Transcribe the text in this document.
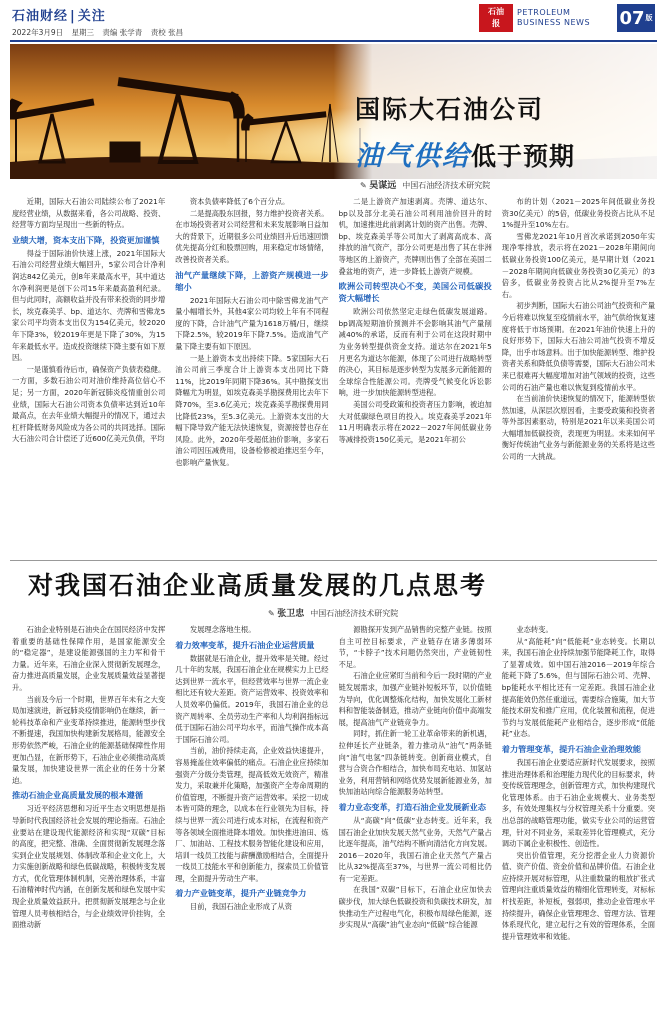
石油财经 | 关注
2022年3月9日 星期三 责编 张学青 责校 张昌
石油
报
PETROLEUM BUSINESS NEWS	07 版
国际大石油公司
油气供给低于预期
✎ 吴谋远 中国石油经济技术研究院

近期，国际大石油公司陆续公布了2021年度经营业绩，从数据来看，各公司战略、投资、经营等方面均呈现出一些新的特点。

业绩大增，资本支出下降，投资更加谨慎

得益于国际油价快速上涨，2021年国际大石油公司经营业绩大幅回升，5家公司合计净利润达842亿美元，创8年来最高水平，其中道达尔净利润更是创下公司15年来最高盈利纪录。但与此同时，高额收益并没有带来投资的同步增长，埃克森美孚、bp、道达尔、壳牌和雪佛龙5家公司平均资本支出仅为154亿美元，较2020年下降3%，较2019年更是下降了30%，为15年来最低水平。造成投资继续下降主要有如下原因。

一是谨慎看待后市，确保资产负债表稳健。一方面，多数石油公司对油价维持高位信心不足；另一方面，2020年新冠肺炎疫情重创公司业绩，国际大石油公司资本负债率达到近10年最高点，在去年业绩大幅提升的情况下，通过去杠杆降低财务风险成为各公司的共同选择。国际大石油公司合计偿还了近600亿美元负债，平均

资本负债率降低了6个百分点。

二是提高股东回报，努力维护投资者关系。在市场投资者对公司经营和未来发展影响日益加大的背景下，近期很多公司业绩回升后迅速回馈优先提高分红和股票回购，用来稳定市场情绪，改善投资者关系。

油气产量继续下降，上游资产规模进一步缩小

2021年国际大石油公司中除雪佛龙油气产量小幅增长外，其他4家公司均较上年有不同程度的下降，合计油气产量为1618万桶/日，继续下降2.5%，较2019年下降7.5%。造成油气产量下降主要有如下原因。

一是上游资本支出持续下降。5家国际大石油公司前三季度合计上游资本支出同比下降11%，比2019年同期下降36%。其中勘探支出降幅尤为明显，如埃克森美孚勘探费用比去年下降70%，至3.6亿美元；埃克森美孚勘探费用同比降低23%，至5.3亿美元。上游资本支出的大幅下降导致产能无法快速恢复，资源接替也存在风险。此外，2020年受超低油价影响，多家石油公司因压减费用，设备检修被迫推迟至今年，也影响产量恢复。

二是上游资产加速剥离。壳牌、道达尔、bp以及部分北美石油公司利用油价回升的时机，加速推进此前剥离计划的资产出售。壳牌、bp、埃克森美孚等公司加大了剥离高成本、高排放的油气资产，部分公司更是出售了其在非洲等地区的上游资产，壳牌则出售了全部在美国二叠盆地的资产，进一步降低上游资产规模。

欧洲公司转型决心不变，美国公司低碳投资大幅增长

欧洲公司依然坚定走绿色低碳发展道路。bp调高短期油价预测并不会影响其油气产量削减40%的承诺，反而有利于公司在这段时期中为业务转型提供资金支持。道达尔在2021年5月更名为道达尔能源，体现了公司进行战略转型的决心，其目标是逐步转型为发展多元新能源的全球综合性能源公司。壳牌受气候变化诉讼影响，进一步加快能源转型进程。

美国公司受政策和投资者压力影响，被迫加大对低碳绿色项目的投入。埃克森美孚2021年11月明确表示将在2022－2027年间低碳业务等减排投资150亿美元，是2021年初公

布的计划（2021－2025年间低碳业务投资30亿美元）的5倍，低碳业务投资占比从不足1%提升至10%左右。

雪佛龙2021年10月首次承诺到2050年实现净零排放，表示将在2021－2028年期间向低碳业务投资100亿美元，是早期计划（2021－2028年期间向低碳业务投资30亿美元）的3倍多，低碳业务投资占比从2%提升至7%左右。

初步判断，国际大石油公司油气投资和产量今后将难以恢复至疫情前水平，油气供给恢复速度将低于市场预期。在2021年油价快速上升的良好形势下，国际大石油公司油气投资不增反降，出乎市场意料。出于加快能源转型、维护投资者关系和降低负债等需要，国际大石油公司未来已很难再大幅度增加对油气领域的投资，这些公司的石油产量也难以恢复到疫情前水平。

在当前油价快速恢复的情况下，能源转型依然加速，从深层次原因看，主要受政策和投资者等外部因素驱动，特别是2021年以来美国公司大幅增加低碳投资，表现更为明显。未来如何平衡好传统油气业务与新能源业务的关系将是这些公司的一大挑战。

对我国石油企业高质量发展的几点思考
✎ 张卫忠 中国石油经济技术研究院

石油企业特别是石油央企在国民经济中发挥着重要的基础性保障作用，是国家能源安全的“稳定器”，是建设能源强国的主力军和骨干力量。近年来，石油企业深入贯彻新发展理念，奋力推进高质量发展，企业发展质量效益显著提升。

当前及今后一个时期，世界百年未有之大变局加速演进，新冠肺炎疫情影响仍在继续，新一轮科技革命和产业变革持续推进，能源转型步伐不断提速，我国加快构建新发展格局，能源安全形势依然严峻，石油企业的能源基础保障性作用更加凸显，在新形势下，石油企业必须推动高质量发展，加快建设世界一流企业的任务十分紧迫。

推动石油企业高质量发展的根本遵循

习近平经济思想和习近平生态文明思想是指导新时代我国经济社会发展的理论指南。石油企业要站在建设现代能源经济和实现“双碳”目标的高度，把完整、准确、全面贯彻新发展理念落实到企业发展规划、体制改革和企业文化上，大力实施创新战略和绿色低碳战略，积极转变发展方式，优化管理体制机制，完善治理体系，丰富石油精神时代内涵，在创新发展和绿色发展中实现企业质量效益跃升。把贯彻新发展理念与企业管理人员考核相结合，与企业绩效评价挂钩，全面推动新

发展理念落地生根。

着力效率变革，提升石油企业运营质量

数据就是石油企业，提升效率是关键。经过几十年的发展，我国石油企业在规模实力上已经达到世界一流水平，但经营效率与世界一流企业相比还有较大差距。资产运营效率、投资效率和人员效率仍偏低。2019年，我国石油企业的总资产周转率、全员劳动生产率和人均利润指标远低于国际石油公司平均水平，而油气操作成本高于国际石油公司。

当前，油价持续走高，企业效益快速提升，容易掩盖住效率偏低的痛点。石油企业应持续加强资产分级分类管理，提高低效无效资产，精准发力，采取兼并化策略，加强资产全寿命周期的价值管理，不断提升资产运营效率。采挖一切成本皆可降的理念，以成本在行业领先为目标，持续与世界一流公司进行成本对标，在流程和资产等各领域全面推进降本增效。加快推进油田、炼厂、加油站、工程技术服务智能化建设和应用，培训一线员工技能与薪酬激励相结合，全面提升一线员工技能水平和创新能力，探索员工价值管理，全面提升劳动生产率。

着力产业链变革，提升产业链竞争力

目前，我国石油企业形成了从资

源勘探开发到产品销售的完整产业链。按照自主可控目标要求，产业链存在诸多薄弱环节，“卡脖子”技术问题仍然突出，产业链韧性不足。

石油企业应紧盯当前和今后一段时期的产业链发展需求，加强产业链补短板环节，以价值链为导向，优化调整炼化结构，加快发展化工新材料和智能装备制造，推动产业链向价值中高端发展，提高油气产业链竞争力。

同时，抓住新一轮工业革命带来的新机遇，拉伸延长产业链条，着力推动从“油气”两条链向“油气电氢”四条链转变。创新商业模式，自营与合资合作相结合，加快布局充电站、加氢站业务，利用营销和网络优势发展新能源业务，加快加油站向综合能源服务站转型。

着力业态变革，打造石油企业发展新业态

从“高碳”向“低碳”业态转变。近年来，我国石油企业加快发展天然气业务，天然气产量占比逐年提高，油气结构不断向清洁化方向发展。2016－2020年，我国石油企业天然气产量占比从32%提高至37%，与世界一流公司相比仍有一定差距。

在我国“双碳”目标下，石油企业应加快去碳步伐，加大绿色低碳投资和负碳技术研发，加快推动生产过程电气化，积极布局绿色能源，逐步实现从“高碳”油气业态向“低碳”综合能源

业态转变。

从“高能耗”向“低能耗”业态转变。长期以来，我国石油企业持续加强节能降耗工作，取得了显著成效。如中国石油2016－2019年综合能耗下降了5.6%，但与国际石油公司、壳牌、bp能耗水平相比还有一定差距。我国石油企业提高能效仍然任重道远，需要综合施策，加大节能技术研发和推广应用，优化装置和流程，促进节约与发展低能耗产业相结合，逐步形成“低能耗”业态。

着力管理变革，提升石油企业治理效能

我国石油企业要适应新时代发展要求，按照推进治理体系和治理能力现代化的目标要求，转变传统管理理念，创新管理方式，加快构建现代化管理体系。由于石油企业规模大、业务类型多，有效处理集权与分权管理关系十分重要。突出总部的战略管理功能，做实专业公司的运营管理，针对不同业务，采取差异化管理模式，充分调动下属企业积极性、创造性。

突出价值管理，充分挖潜企业人力资源价值、资产价值、资金价值和品牌价值。石油企业应持续开展对标管理，从注重数量的粗放扩张式管理向注重质量效益的精细化管理转变，对标标杆找差距，补短板，强弱项，推动企业管理水平持续提升，确保企业管理理念、管理方法、管理体系现代化，建立起行之有效的管理体系，全面提升管理效率和效能。
